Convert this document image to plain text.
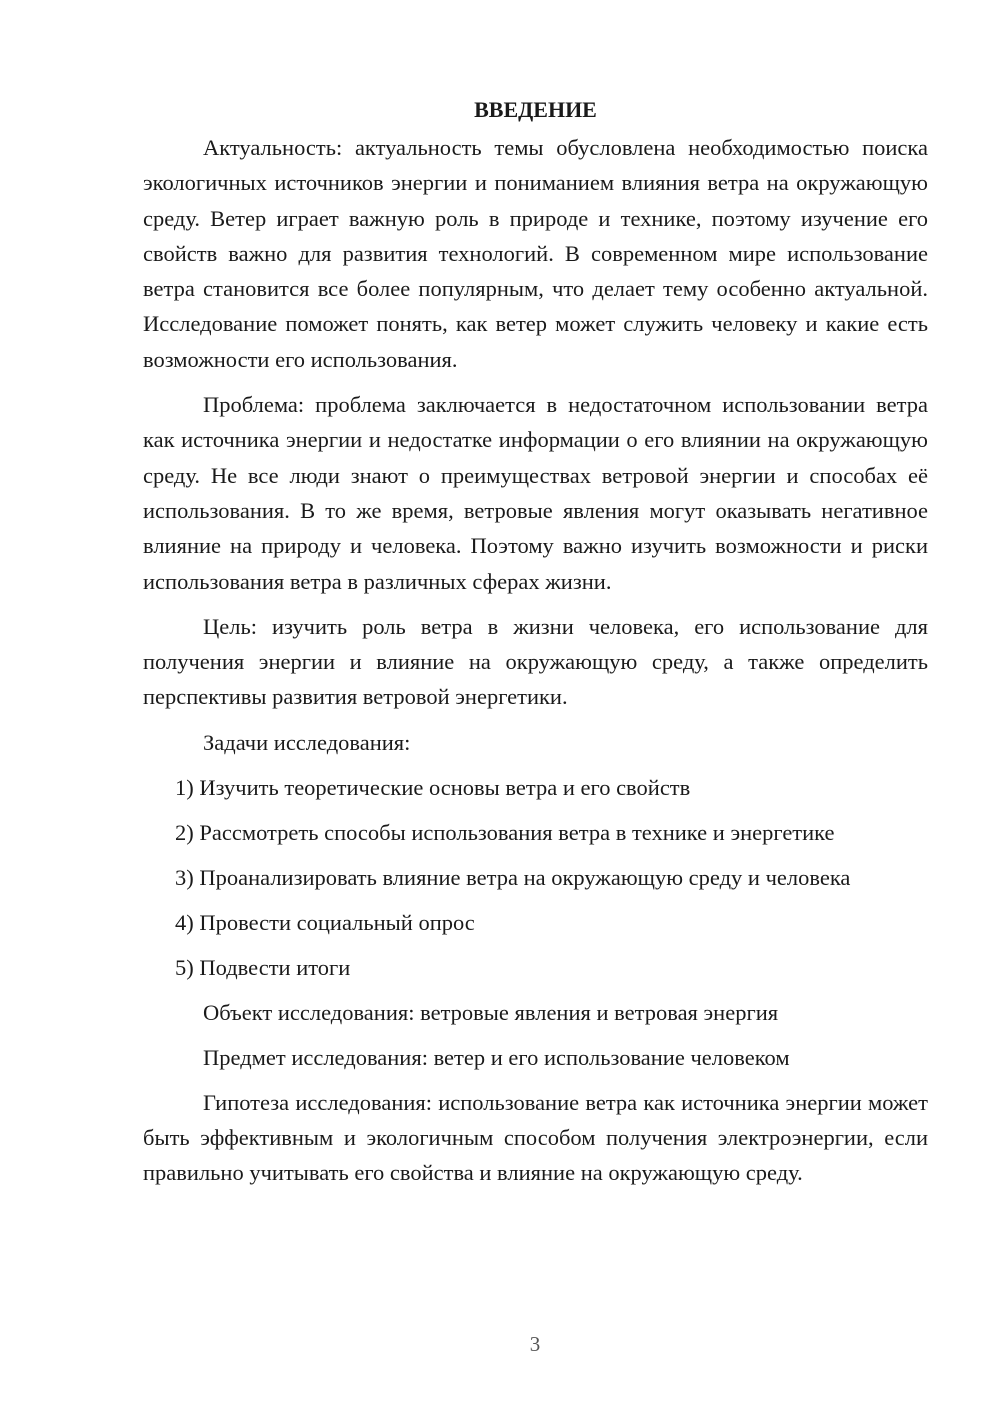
ВВЕДЕНИЕ

Актуальность: актуальность темы обусловлена необходимостью поиска экологичных источников энергии и пониманием влияния ветра на окружающую среду. Ветер играет важную роль в природе и технике, поэтому изучение его свойств важно для развития технологий. В современном мире использование ветра становится все более популярным, что делает тему особенно актуальной. Исследование поможет понять, как ветер может служить человеку и какие есть возможности его использования.

Проблема: проблема заключается в недостаточном использовании ветра как источника энергии и недостатке информации о его влиянии на окружающую среду. Не все люди знают о преимуществах ветровой энергии и способах её использования. В то же время, ветровые явления могут оказывать негативное влияние на природу и человека. Поэтому важно изучить возможности и риски использования ветра в различных сферах жизни.

Цель: изучить роль ветра в жизни человека, его использование для получения энергии и влияние на окружающую среду, а также определить перспективы развития ветровой энергетики.

Задачи исследования:

1) Изучить теоретические основы ветра и его свойств
2) Рассмотреть способы использования ветра в технике и энергетике
3) Проанализировать влияние ветра на окружающую среду и человека
4) Провести социальный опрос
5) Подвести итоги

Объект исследования: ветровые явления и ветровая энергия

Предмет исследования: ветер и его использование человеком

Гипотеза исследования: использование ветра как источника энергии может быть эффективным и экологичным способом получения электроэнергии, если правильно учитывать его свойства и влияние на окружающую среду.

3
